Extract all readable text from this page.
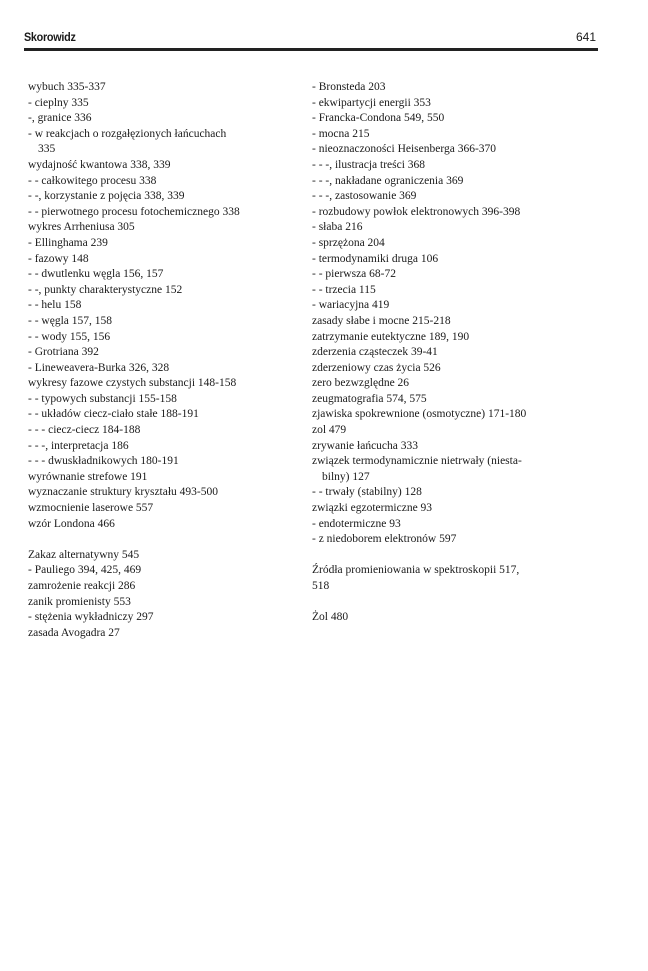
Skorowidz	641
wybuch 335-337
- cieplny 335
-, granice 336
- w reakcjach o rozgałęzionych łańcuchach
335
wydajność kwantowa 338, 339
- - całkowitego procesu 338
- -, korzystanie z pojęcia 338, 339
- - pierwotnego procesu fotochemicznego 338
wykres Arrheniusa 305
- Ellinghama 239
- fazowy 148
- - dwutlenku węgla 156, 157
- -, punkty charakterystyczne 152
- - helu 158
- - węgla 157, 158
- - wody 155, 156
- Grotriana 392
- Lineweavera-Burka 326, 328
wykresy fazowe czystych substancji 148-158
- - typowych substancji 155-158
- - układów ciecz-ciało stałe 188-191
- - - ciecz-ciecz 184-188
- - -, interpretacja 186
- - - dwuskładnikowych 180-191
wyrównanie strefowe 191
wyznaczanie struktury kryształu 493-500
wzmocnienie laserowe 557
wzór Londona 466
Zakaz alternatywny 545
- Pauliego 394, 425, 469
zamrożenie reakcji 286
zanik promienisty 553
- stężenia wykładniczy 297
zasada Avogadra 27
- Bronsteda 203
- ekwipartycji energii 353
- Francka-Condona 549, 550
- mocna 215
- nieoznaczoności Heisenberga 366-370
- - -, ilustracja treści 368
- - -, nakładane ograniczenia 369
- - -, zastosowanie 369
- rozbudowy powłok elektronowych 396-398
- słaba 216
- sprzężona 204
- termodynamiki druga 106
- - pierwsza 68-72
- - trzecia 115
- wariacyjna 419
zasady słabe i mocne 215-218
zatrzymanie eutektyczne 189, 190
zderzenia cząsteczek 39-41
zderzeniowy czas życia 526
zero bezwzględne 26
zeugmatografia 574, 575
zjawiska spokrewnione (osmotyczne) 171-180
zol 479
zrywanie łańcucha 333
związek termodynamicznie nietrwały (niesta-
bilny) 127
- - trwały (stabilny) 128
związki egzotermiczne 93
- endotermiczne 93
- z niedoborem elektronów 597
Źródła promieniowania w spektroskopii 517,
518
Żol 480
